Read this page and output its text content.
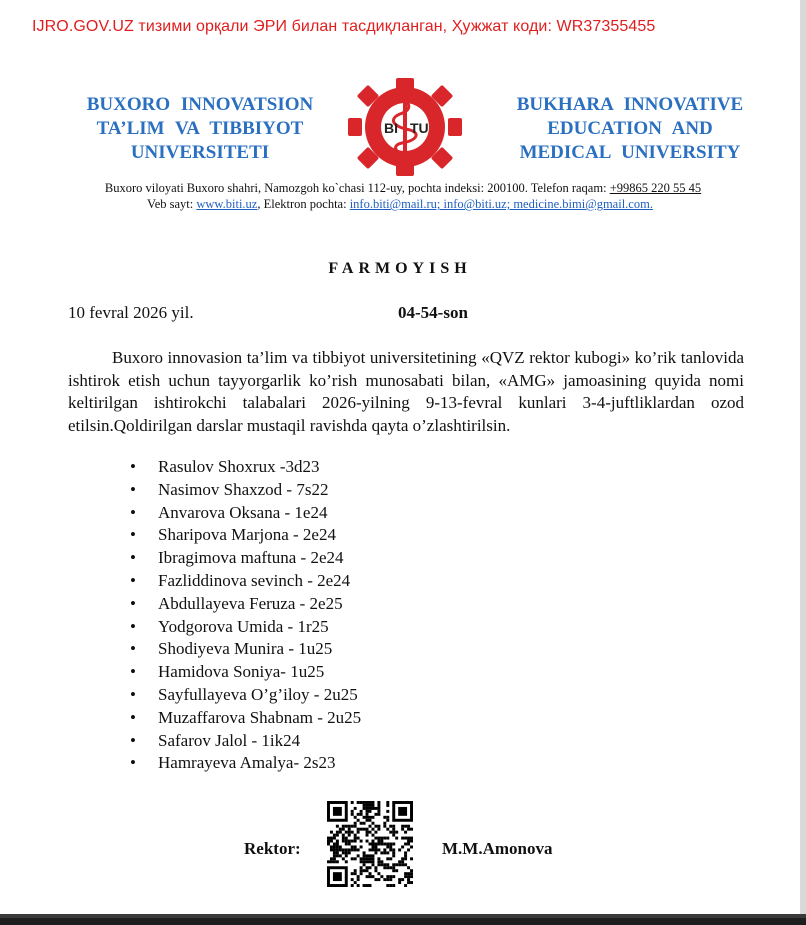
IJRO.GOV.UZ тизими орқали ЭРИ билан тасдиқланган, Ҳужжат коди: WR37355455
BUXORO INNOVATSION
TA’LIM VA TIBBIYOT
UNIVERSITETI
BI TU
BUKHARA INNOVATIVE
EDUCATION AND
MEDICAL UNIVERSITY
Buxoro viloyati Buxoro shahri, Namozgoh ko`chasi 112-uy, pochta indeksi: 200100. Telefon raqam: +99865 220 55 45
Veb sayt: www.biti.uz, Elektron pochta: info.biti@mail.ru; info@biti.uz; medicine.bimi@gmail.com.
FARMOYISH
10 fevral 2026 yil.	04-54-son

Buxoro innovasion ta’lim va tibbiyot universitetining «QVZ rektor kubogi» ko’rik tanlovida ishtirok etish uchun tayyorgarlik ko’rish munosabati bilan, «AMG» jamoasining quyida nomi keltirilgan ishtirokchi talabalari 2026-yilning 9-13-fevral kunlari 3-4-juftliklardan ozod etilsin.Qoldirilgan darslar mustaqil ravishda qayta o’zlashtirilsin.

• Rasulov Shoxrux -3d23
• Nasimov Shaxzod - 7s22
• Anvarova Oksana - 1e24
• Sharipova Marjona - 2e24
• Ibragimova maftuna - 2e24
• Fazliddinova sevinch - 2e24
• Abdullayeva Feruza - 2e25
• Yodgorova Umida - 1r25
• Shodiyeva Munira - 1u25
• Hamidova Soniya- 1u25
• Sayfullayeva O’g’iloy - 2u25
• Muzaffarova Shabnam - 2u25
• Safarov Jalol - 1ik24
• Hamrayeva Amalya- 2s23
Rektor:	M.M.Amonova
